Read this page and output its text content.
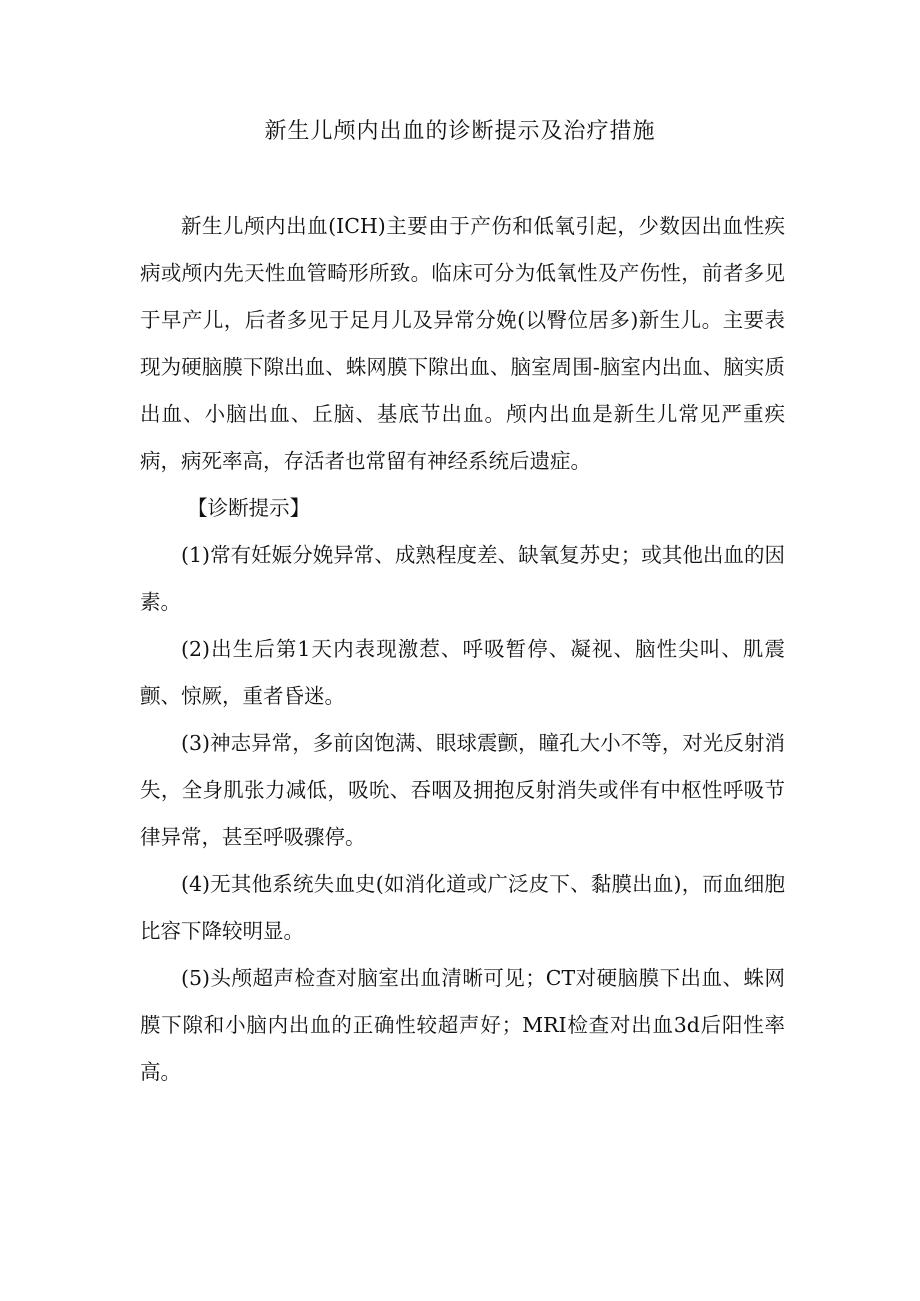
新生儿颅内出血的诊断提示及治疗措施

新生儿颅内出血(ICH)主要由于产伤和低氧引起，少数因出血性疾病或颅内先天性血管畸形所致。临床可分为低氧性及产伤性，前者多见于早产儿，后者多见于足月儿及异常分娩(以臀位居多)新生儿。主要表现为硬脑膜下隙出血、蛛网膜下隙出血、脑室周围-脑室内出血、脑实质出血、小脑出血、丘脑、基底节出血。颅内出血是新生儿常见严重疾病，病死率高，存活者也常留有神经系统后遗症。

【诊断提示】

(1)常有妊娠分娩异常、成熟程度差、缺氧复苏史；或其他出血的因素。

(2)出生后第1天内表现激惹、呼吸暂停、凝视、脑性尖叫、肌震颤、惊厥，重者昏迷。

(3)神志异常，多前囟饱满、眼球震颤，瞳孔大小不等，对光反射消失，全身肌张力减低，吸吮、吞咽及拥抱反射消失或伴有中枢性呼吸节律异常，甚至呼吸骤停。

(4)无其他系统失血史(如消化道或广泛皮下、黏膜出血)，而血细胞比容下降较明显。

(5)头颅超声检查对脑室出血清晰可见；CT对硬脑膜下出血、蛛网膜下隙和小脑内出血的正确性较超声好；MRI检查对出血3d后阳性率高。
